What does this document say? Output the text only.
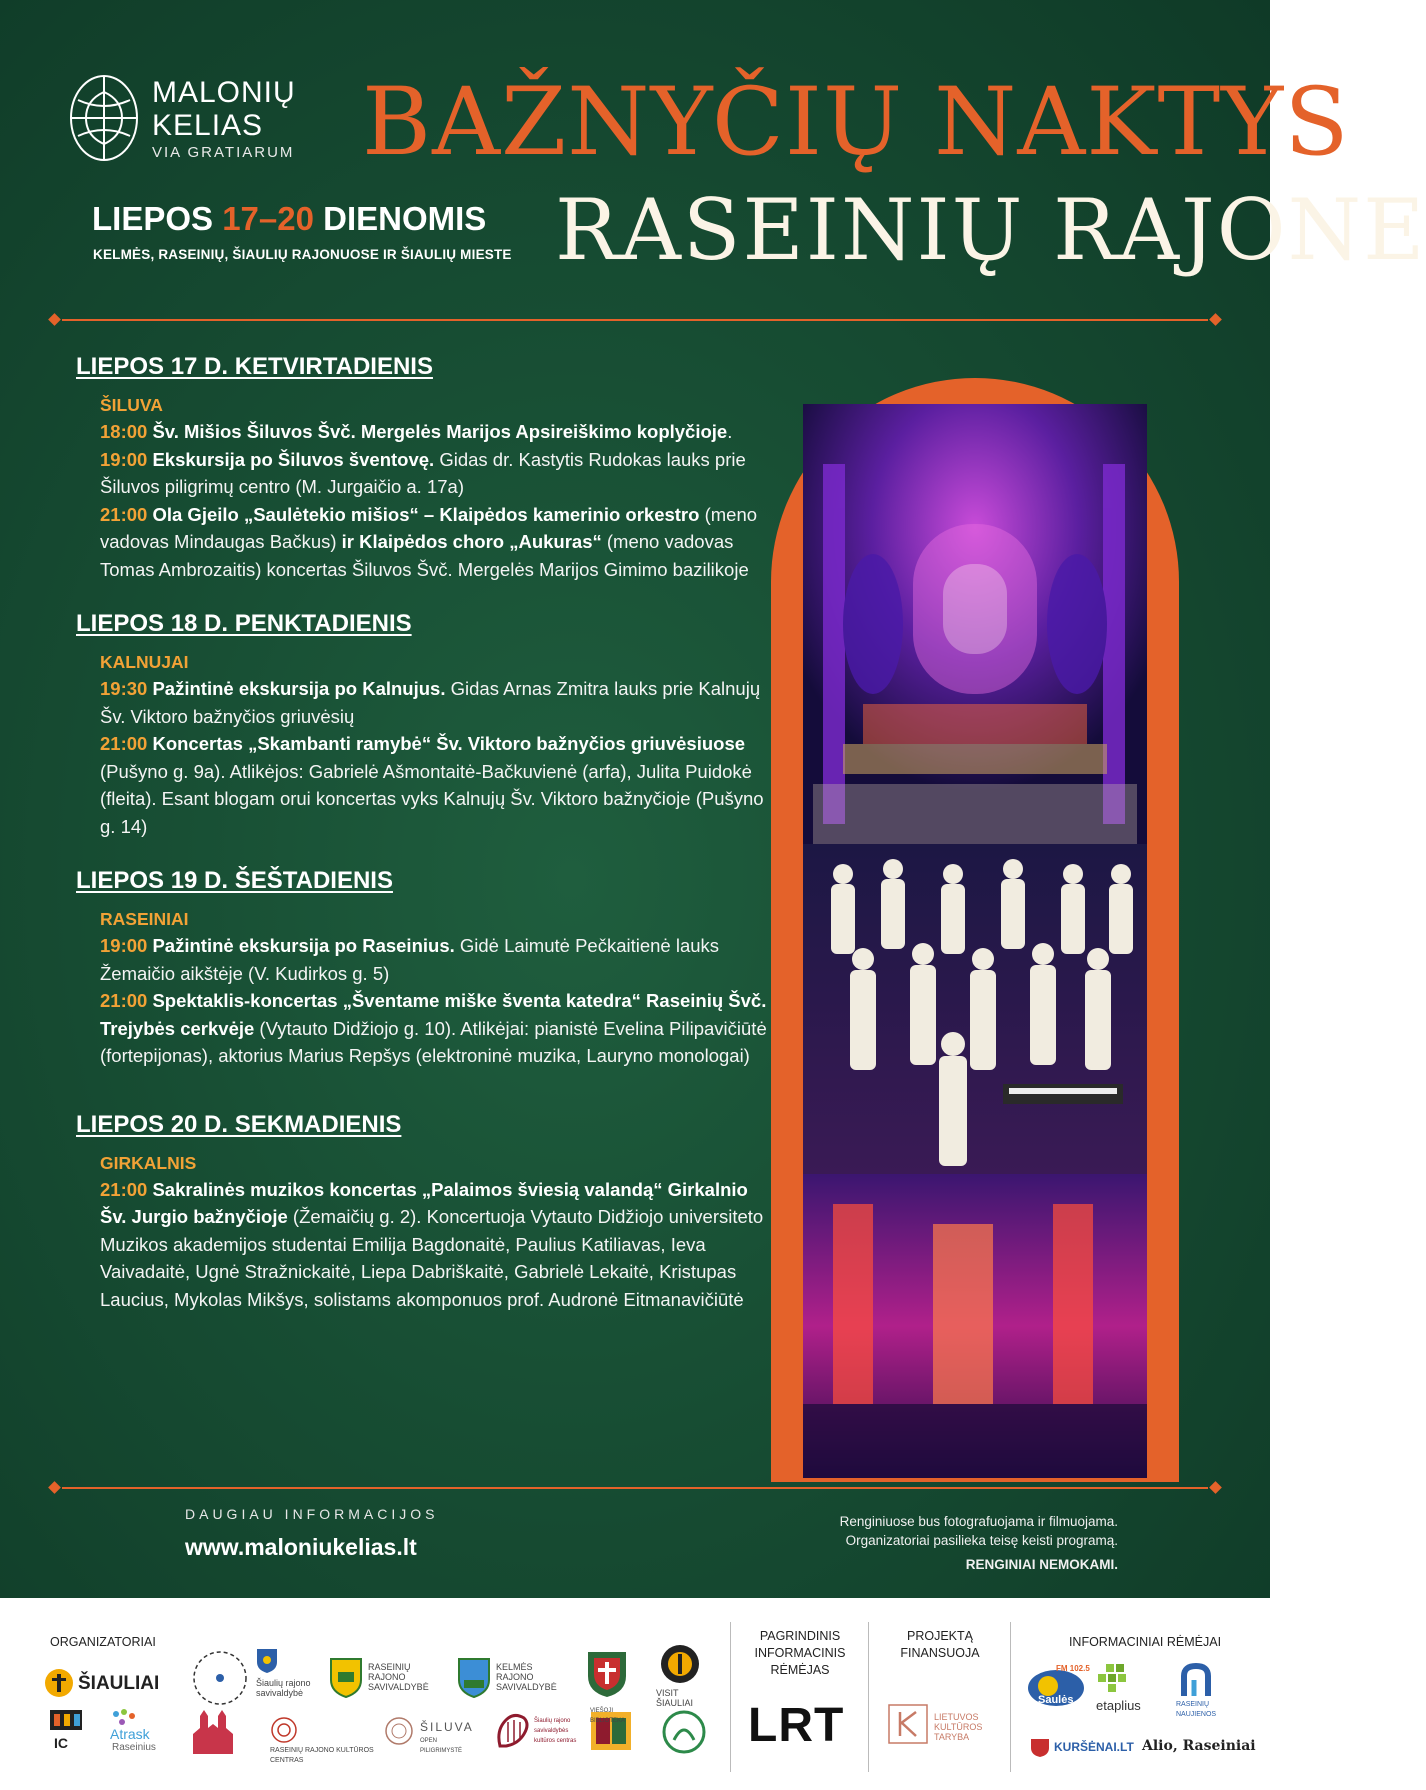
MALONIŲ
KELIAS
VIA GRATIARUM BAŽNYČIŲ NAKTYS
RASEINIŲ RAJONE
LIEPOS 17–20 DIENOMIS
KELMĖS, RASEINIŲ, ŠIAULIŲ RAJONUOSE IR ŠIAULIŲ MIESTE
LIEPOS 17 D. KETVIRTADIENIS
ŠILUVA
18:00 Šv. Mišios Šiluvos Švč. Mergelės Marijos Apsireiškimo koplyčioje.
19:00 Ekskursija po Šiluvos šventovę. Gidas dr. Kastytis Rudokas lauks prie Šiluvos piligrimų centro (M. Jurgaičio a. 17a)
21:00 Ola Gjeilo „Saulėtekio mišios“ – Klaipėdos kamerinio orkestro (meno vadovas Mindaugas Bačkus) ir Klaipėdos choro „Aukuras“ (meno vadovas Tomas Ambrozaitis) koncertas Šiluvos Švč. Mergelės Marijos Gimimo bazilikoje
LIEPOS 18 D. PENKTADIENIS
KALNUJAI
19:30 Pažintinė ekskursija po Kalnujus. Gidas Arnas Zmitra lauks prie Kalnujų Šv. Viktoro bažnyčios griuvėsių
21:00 Koncertas „Skambanti ramybė“ Šv. Viktoro bažnyčios griuvėsiuose (Pušyno g. 9a). Atlikėjos: Gabrielė Ašmontaitė-Bačkuvienė (arfa), Julita Puidokė (fleita). Esant blogam orui koncertas vyks Kalnujų Šv. Viktoro bažnyčioje (Pušyno g. 14)
LIEPOS 19 D. ŠEŠTADIENIS
RASEINIAI
19:00 Pažintinė ekskursija po Raseinius. Gidė Laimutė Pečkaitienė lauks Žemaičio aikštėje (V. Kudirkos g. 5)
21:00 Spektaklis-koncertas „Šventame miške šventa katedra“ Raseinių Švč. Trejybės cerkvėje (Vytauto Didžiojo g. 10). Atlikėjai: pianistė Evelina Pilipavičiūtė (fortepijonas), aktorius Marius Repšys (elektroninė muzika, Lauryno monologai)
LIEPOS 20 D. SEKMADIENIS
GIRKALNIS
21:00 Sakralinės muzikos koncertas „Palaimos šviesią valandą“ Girkalnio
Šv. Jurgio bažnyčioje (Žemaičių g. 2). Koncertuoja Vytauto Didžiojo universiteto Muzikos akademijos studentai Emilija Bagdonaitė, Paulius Katiliavas, Ieva Vaivadaitė, Ugnė Stražnickaitė, Liepa Dabriškaitė, Gabrielė Lekaitė, Kristupas Laucius, Mykolas Mikšys, solistams akomponuos prof. Audronė Eitmanavičiūtė
DAUGIAU INFORMACIJOS
www.maloniukelias.lt
Renginiuose bus fotografuojama ir filmuojama.
Organizatoriai pasilieka teisę keisti programą.
RENGINIAI NEMOKAMI.
ORGANIZATORIAI	PAGRINDINIS
INFORMACINIS
RĖMĖJAS
PROJEKTĄ
FINANSUOJA
INFORMACINIAI RĖMĖJAI
ŠIAULIAI	Šiaulių rajono savivaldybė
RASEINIŲ RAJONO SAVIVALDYBĖ
KELMĖS RAJONO SAVIVALDYBĖ
VISIT ŠIAULIAI
IC
Atrask
Raseinius	RASEINIŲ RAJONO KULTŪROS CENTRAS
ŠILUVA
OPEN PILIGRIMYSTĖ
Šiaulių rajono savivaldybės kultūros centras
VIEŠOJI BIBLIOTEKA	LRT	LIETUVOS KULTŪROS TARYBA
FM 102.5
Saulės etaplius	RASEINIŲ NAUJIENOS
KURŠĖNAI.LT Alio, Raseiniai
